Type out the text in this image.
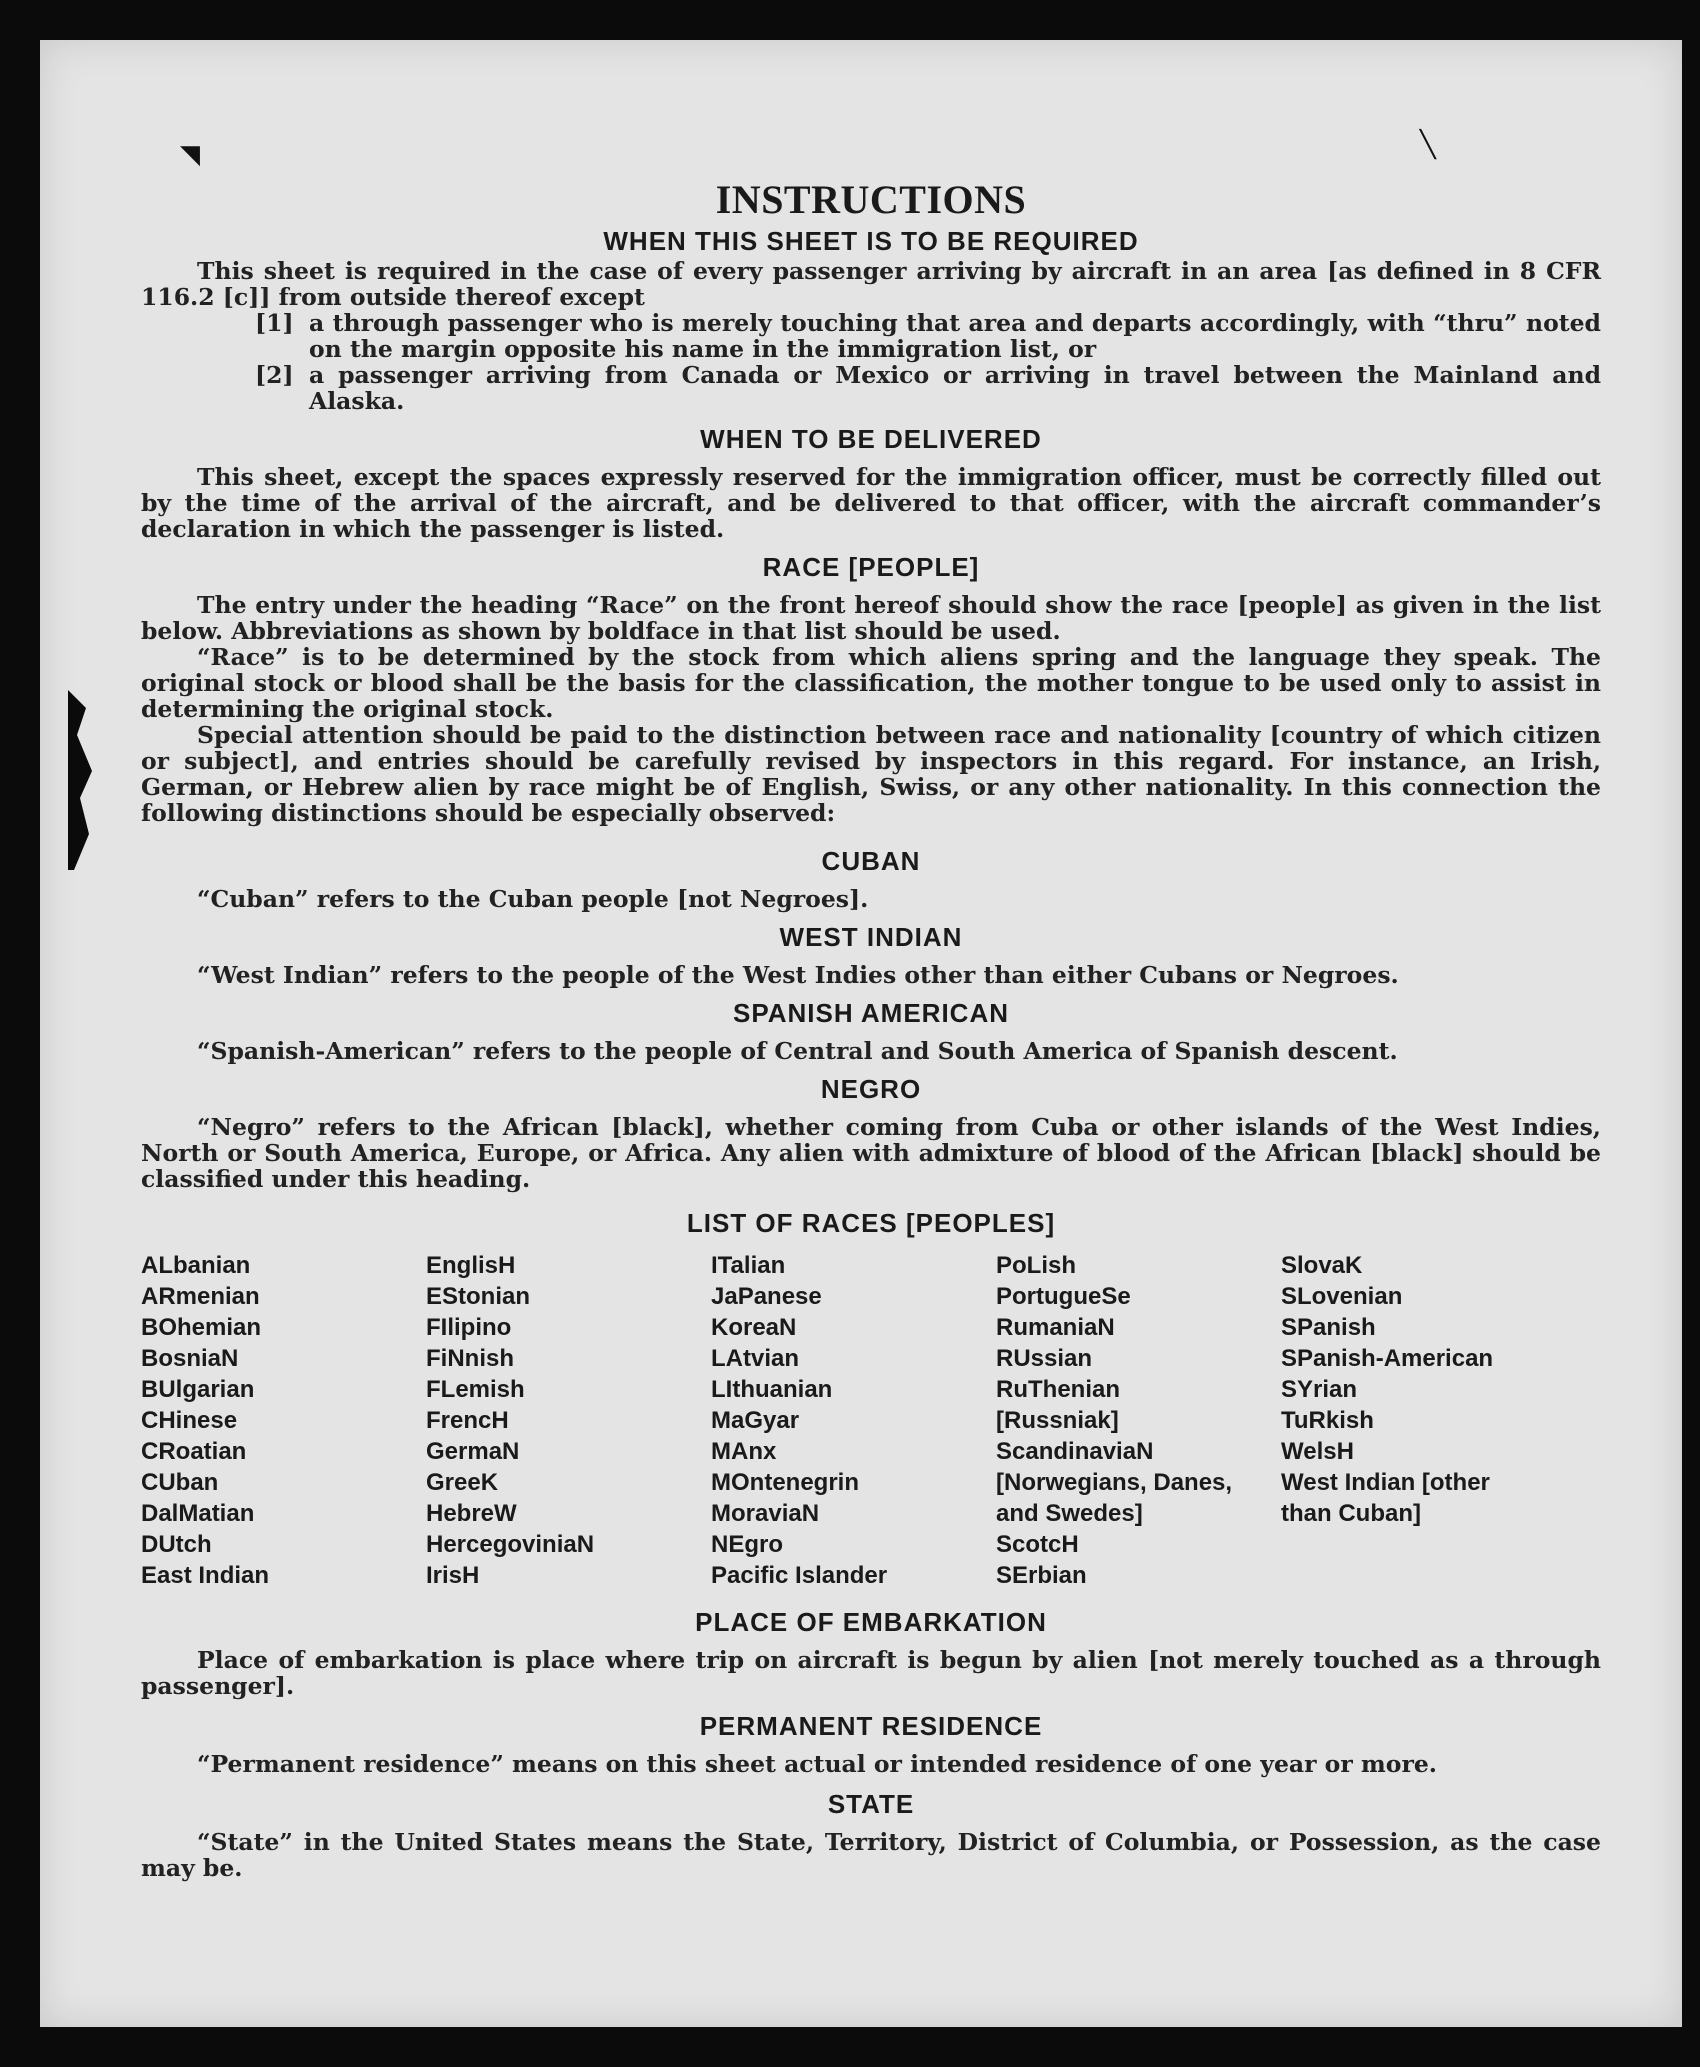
◥	╲
INSTRUCTIONS
WHEN THIS SHEET IS TO BE REQUIRED

This sheet is required in the case of every passenger arriving by aircraft in an area [as defined in 8 CFR 116.2 [c]] from outside thereof except

[1] a through passenger who is merely touching that area and departs accordingly, with “thru” noted on the margin opposite his name in the immigration list, or
[2] a passenger arriving from Canada or Mexico or arriving in travel between the Mainland and Alaska.
WHEN TO BE DELIVERED

This sheet, except the spaces expressly reserved for the immigration officer, must be correctly filled out by the time of the arrival of the aircraft, and be delivered to that officer, with the aircraft commander’s declaration in which the passenger is listed.

RACE [PEOPLE]

The entry under the heading “Race” on the front hereof should show the race [people] as given in the list below. Abbreviations as shown by boldface in that list should be used.

“Race” is to be determined by the stock from which aliens spring and the language they speak. The original stock or blood shall be the basis for the classification, the mother tongue to be used only to assist in determining the original stock.

Special attention should be paid to the distinction between race and nationality [country of which citizen or subject], and entries should be carefully revised by inspectors in this regard. For instance, an Irish, German, or Hebrew alien by race might be of English, Swiss, or any other nationality. In this connection the following distinctions should be especially observed:

CUBAN

“Cuban” refers to the Cuban people [not Negroes].

WEST INDIAN

“West Indian” refers to the people of the West Indies other than either Cubans or Negroes.

SPANISH AMERICAN

“Spanish-American” refers to the people of Central and South America of Spanish descent.

NEGRO

“Negro” refers to the African [black], whether coming from Cuba or other islands of the West Indies, North or South America, Europe, or Africa. Any alien with admixture of blood of the African [black] should be classified under this heading.

LIST OF RACES [PEOPLES]
ALbanian
ARmenian
BOhemian
BosniaN
BUlgarian
CHinese
CRoatian
CUban
DalMatian
DUtch
East Indian
EnglisH
EStonian
FIlipino
FiNnish
FLemish
FrencH
GermaN
GreeK
HebreW
HercegoviniaN
IrisH
ITalian
JaPanese
KoreaN
LAtvian
LIthuanian
MaGyar
MAnx
MOntenegrin
MoraviaN
NEgro
Pacific Islander
PoLish
PortugueSe
RumaniaN
RUssian
RuThenian [Russniak]
ScandinaviaN [Norwegians, Danes, and Swedes]
ScotcH
SErbian
SlovaK
SLovenian
SPanish
SPanish-American
SYrian
TuRkish
WelsH
West Indian [other than Cuban]
PLACE OF EMBARKATION

Place of embarkation is place where trip on aircraft is begun by alien [not merely touched as a through passenger].

PERMANENT RESIDENCE

“Permanent residence” means on this sheet actual or intended residence of one year or more.

STATE

“State” in the United States means the State, Territory, District of Columbia, or Possession, as the case may be.
